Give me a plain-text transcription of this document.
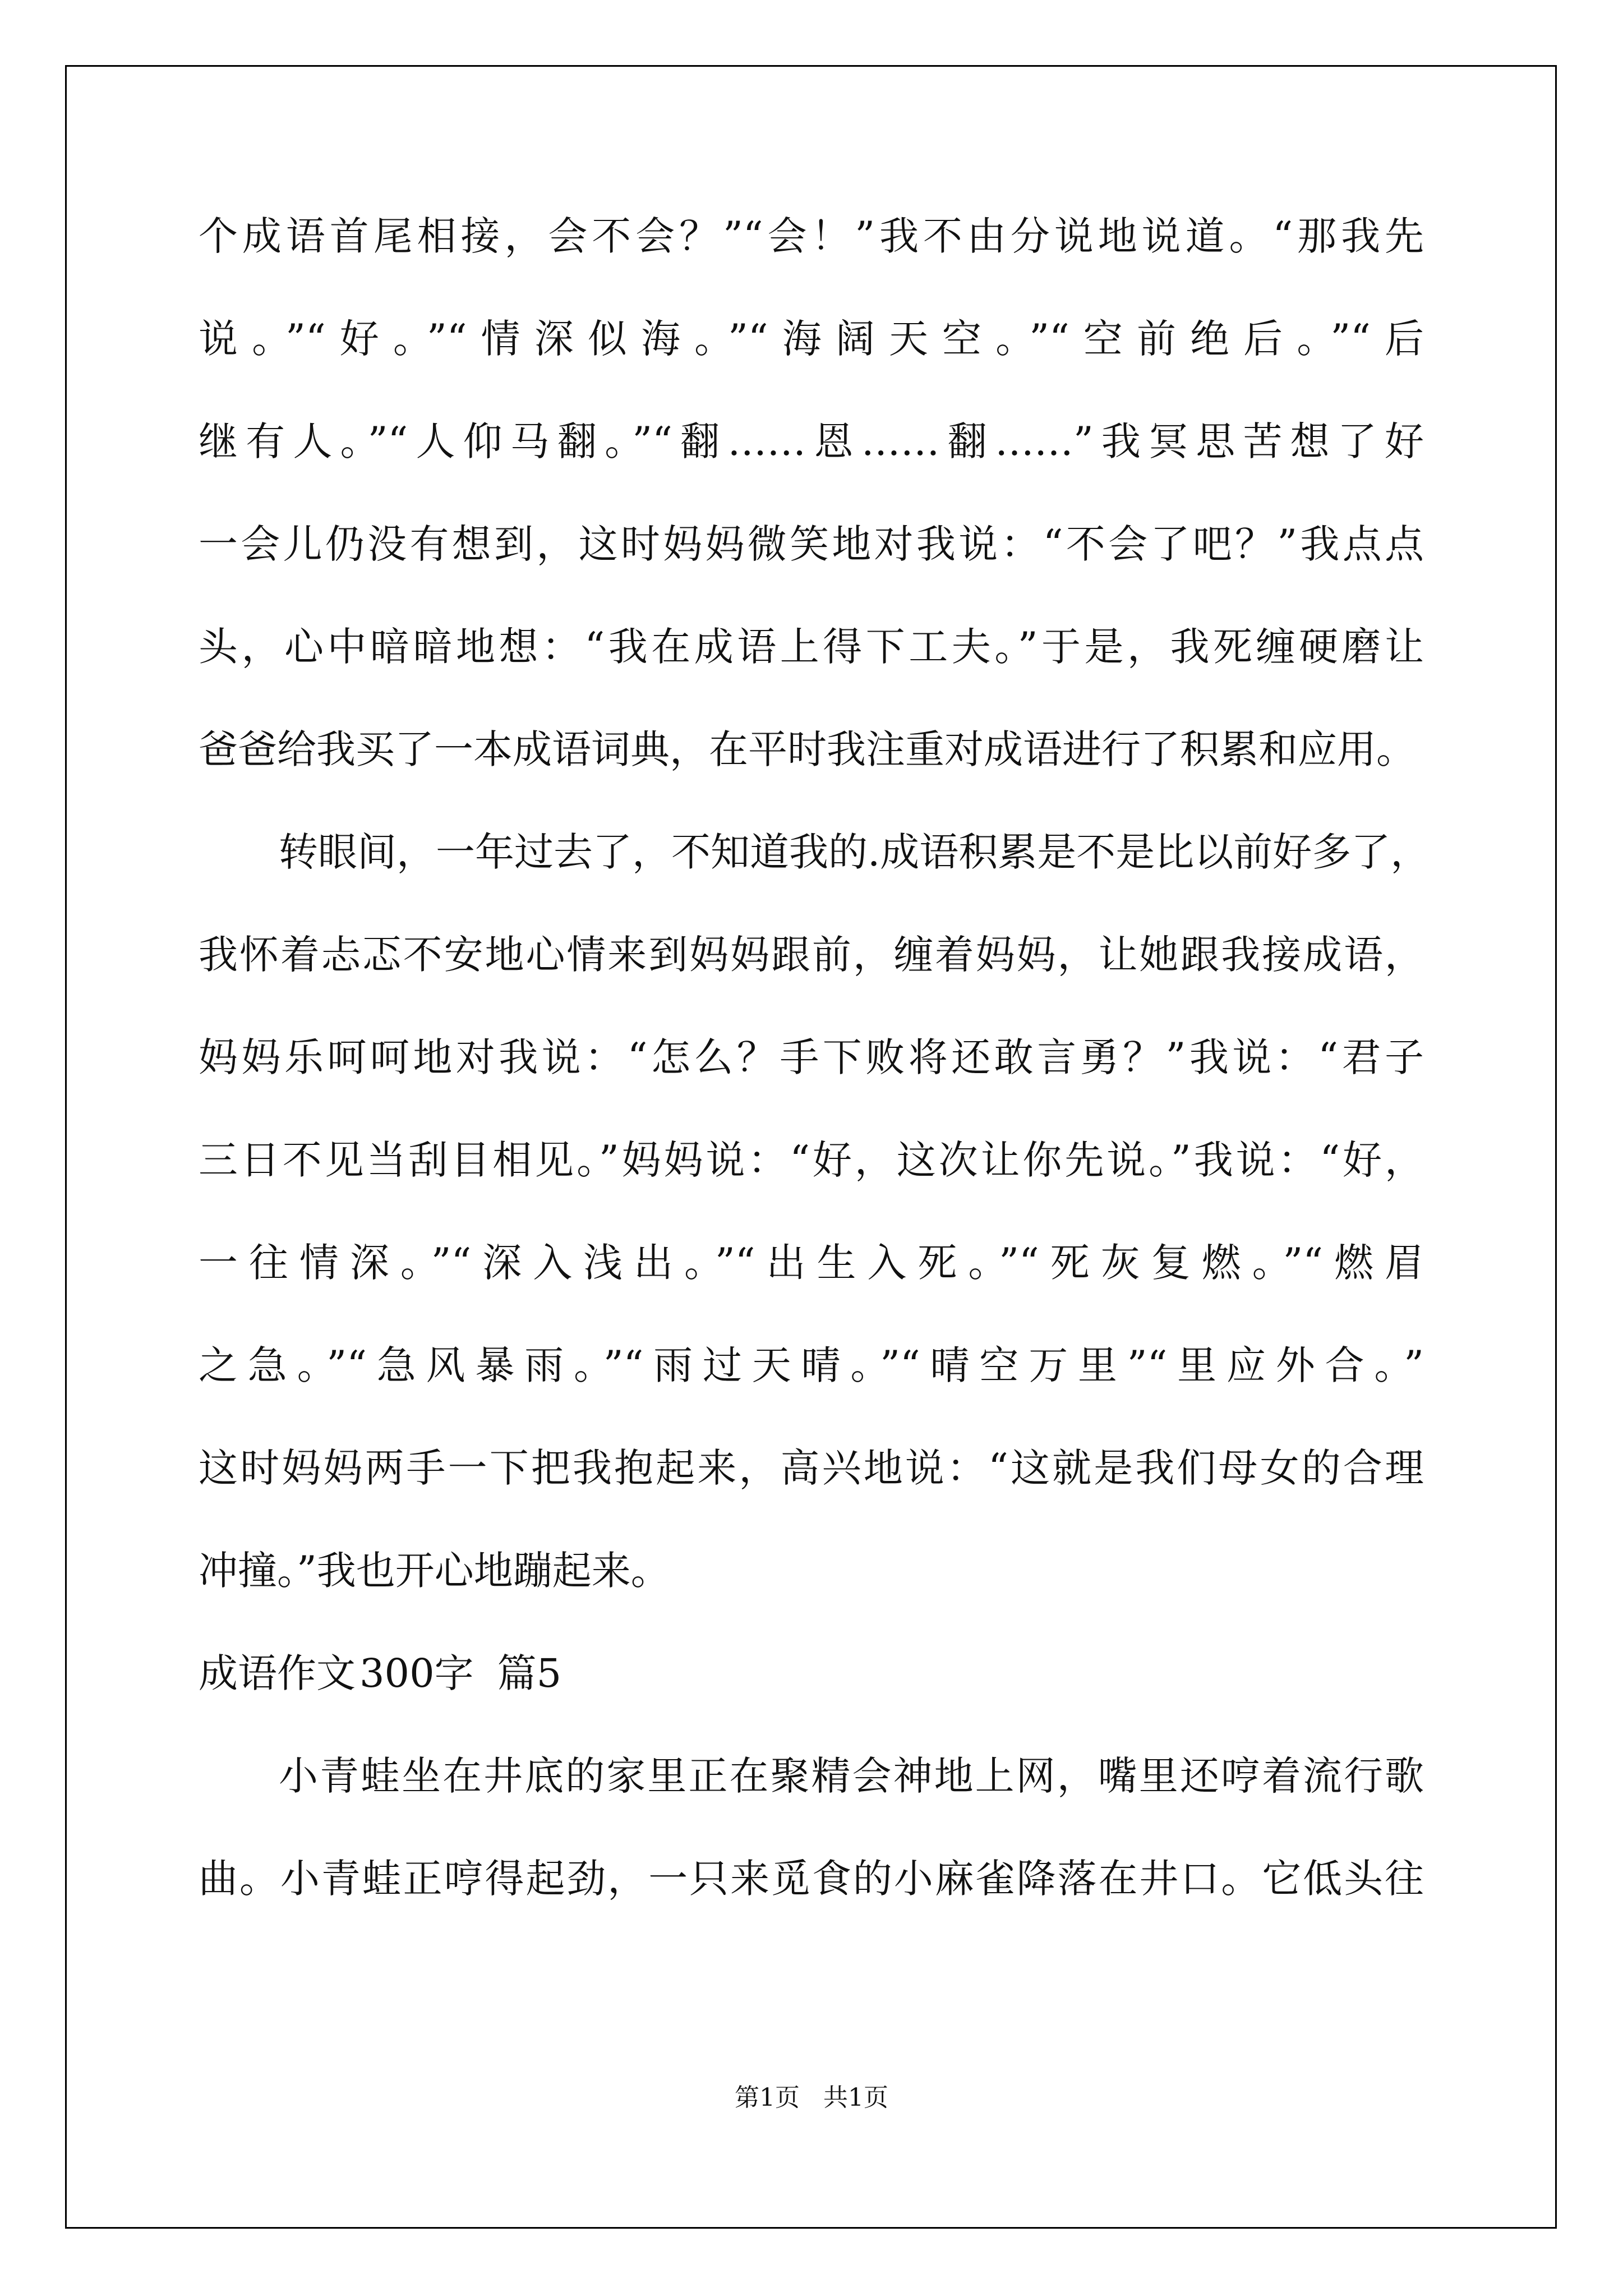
个成语首尾相接，会不会？”“会！”我不由分说地说道。“那我先
说。”“好。”“情深似海。”“海阔天空。”“空前绝后。”“后
继有人。”“人仰马翻。”“翻……恩……翻……”我冥思苦想了好
一会儿仍没有想到，这时妈妈微笑地对我说：“不会了吧？”我点点
头，心中暗暗地想：“我在成语上得下工夫。”于是，我死缠硬磨让
爸爸给我买了一本成语词典，在平时我注重对成语进行了积累和应用。
转眼间，一年过去了，不知道我的.成语积累是不是比以前好多了，
我怀着忐忑不安地心情来到妈妈跟前，缠着妈妈，让她跟我接成语，
妈妈乐呵呵地对我说：“怎么？手下败将还敢言勇？”我说：“君子
三日不见当刮目相见。”妈妈说：“好，这次让你先说。”我说：“好，
一往情深。”“深入浅出。”“出生入死。”“死灰复燃。”“燃眉
之急。”“急风暴雨。”“雨过天晴。”“晴空万里”“里应外合。”
这时妈妈两手一下把我抱起来，高兴地说：“这就是我们母女的合理
冲撞。”我也开心地蹦起来。
成语作文 300字 篇5
小青蛙坐在井底的家里正在聚精会神地上网，嘴里还哼着流行歌
曲。小青蛙正哼得起劲，一只来觅食的小麻雀降落在井口。它低头往
第1页   共1页
